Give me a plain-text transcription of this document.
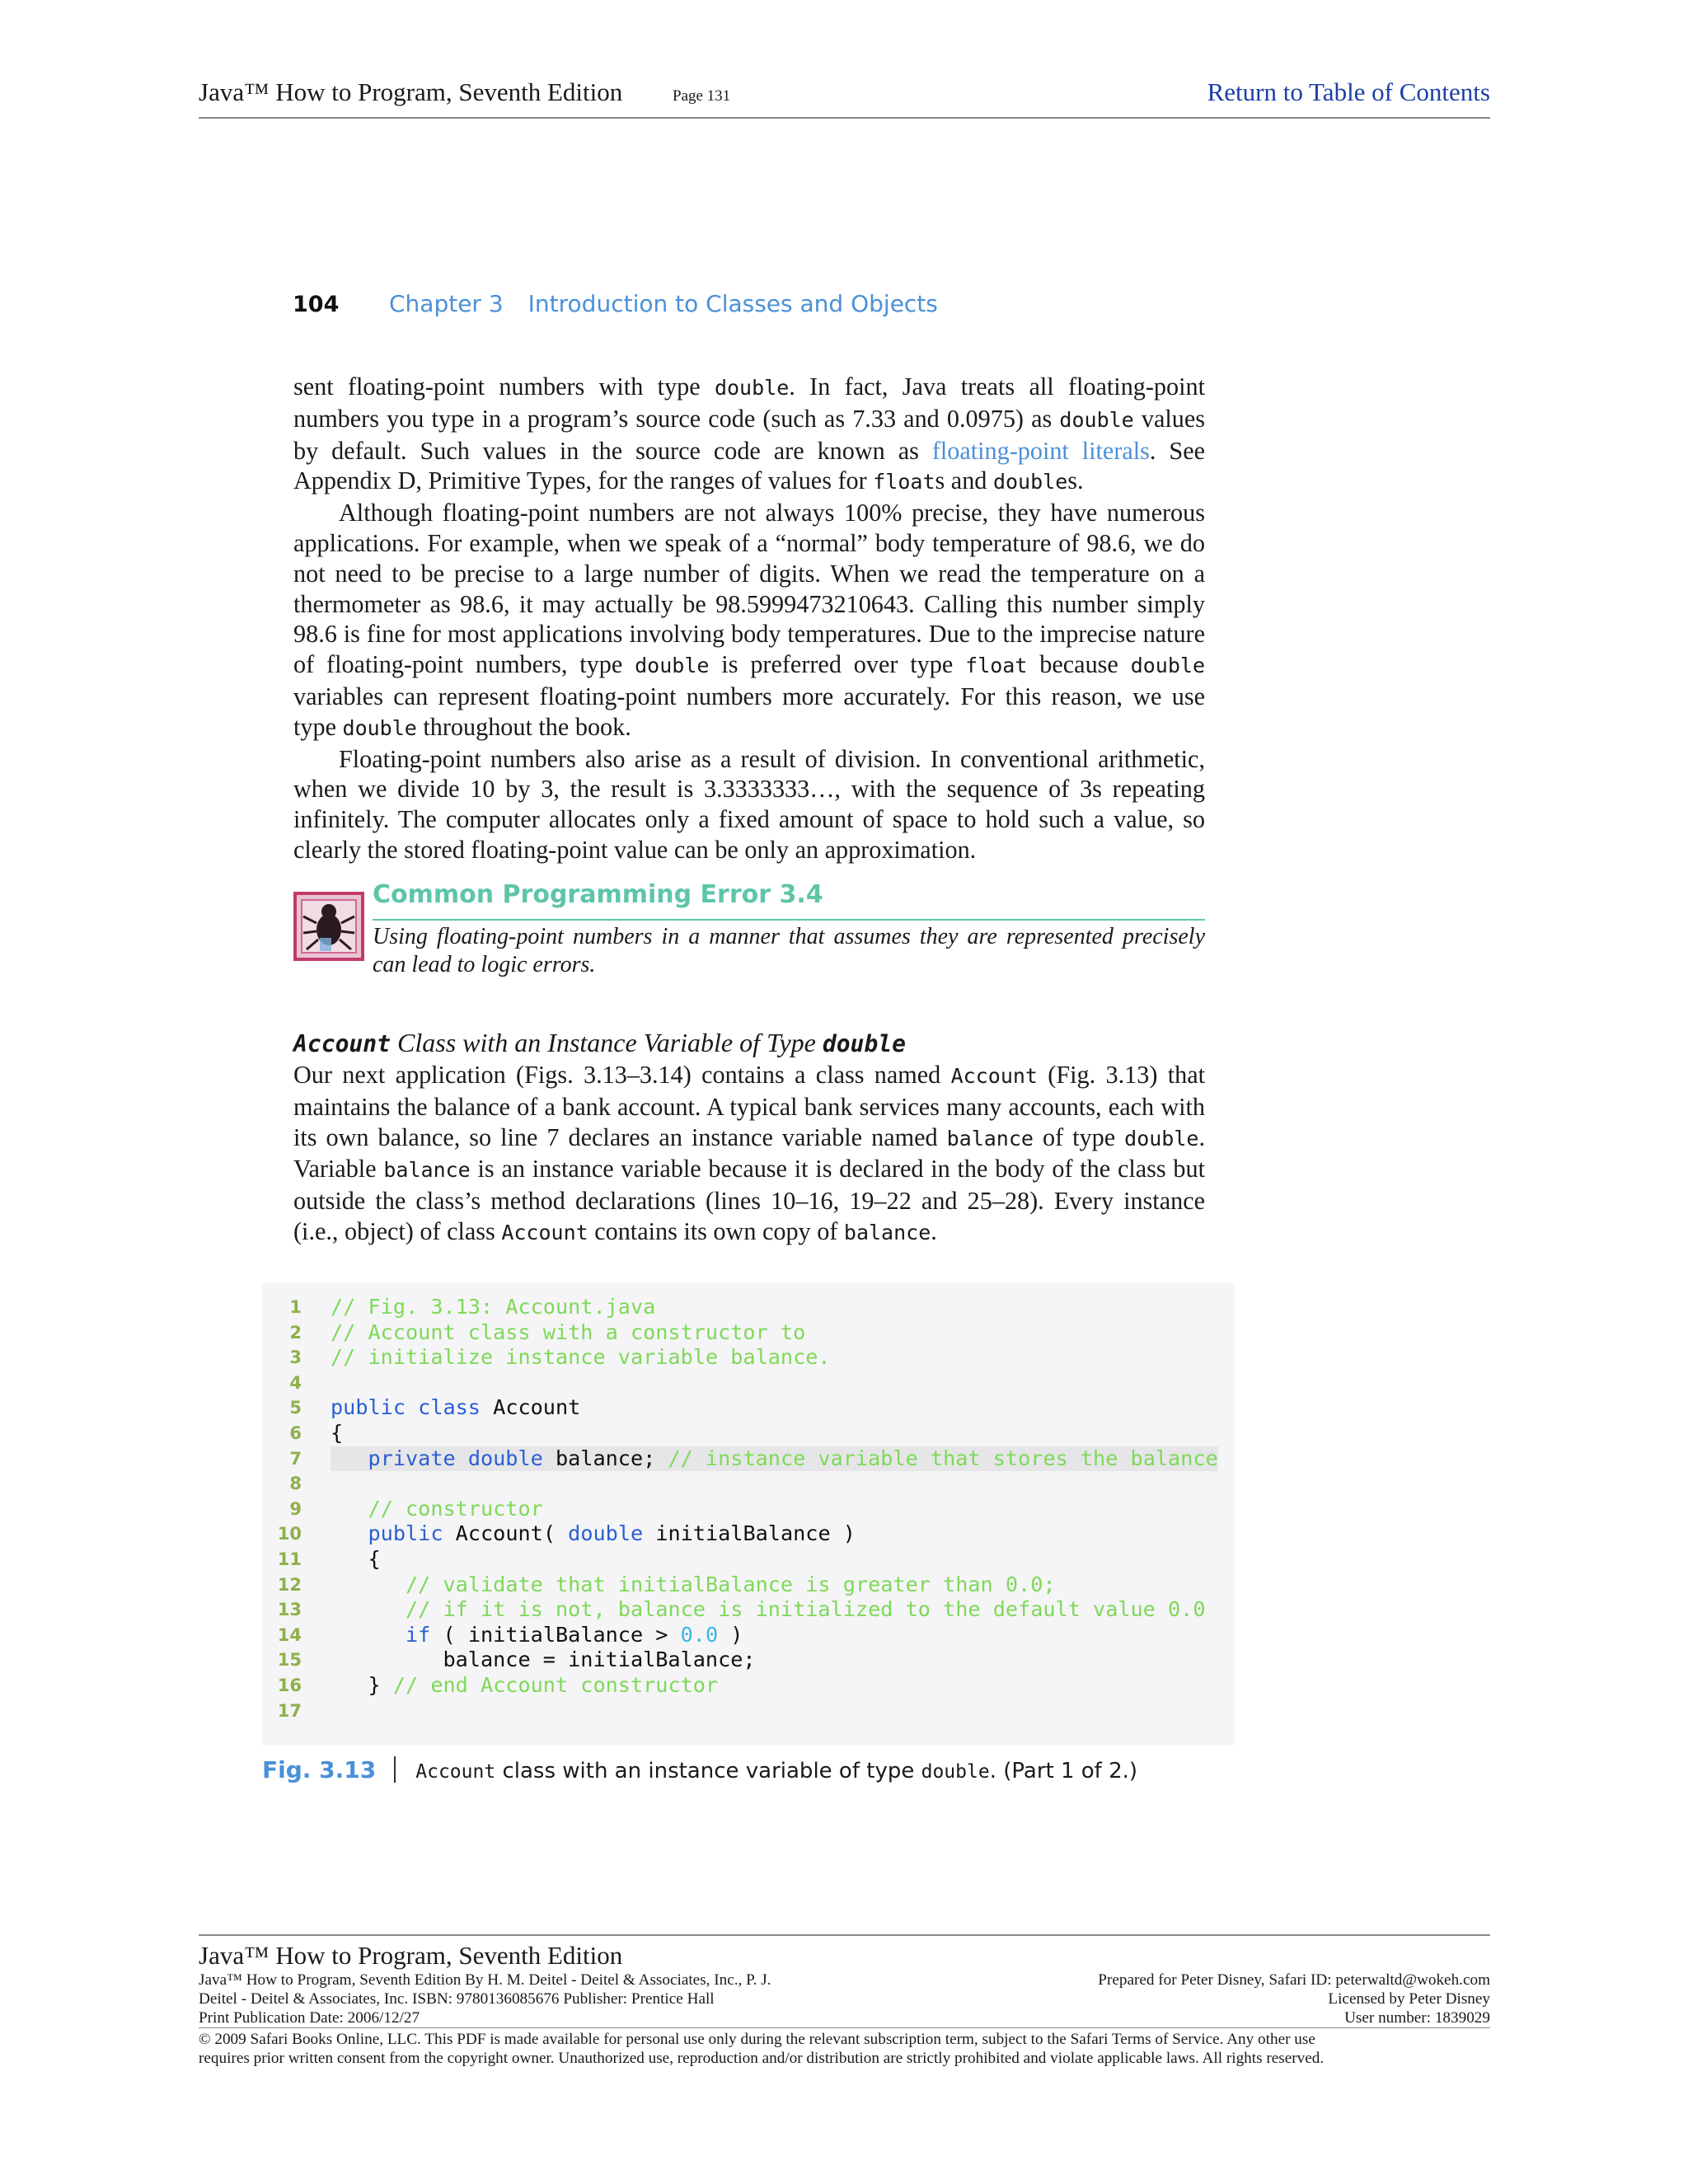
Java™ How to Program, Seventh Edition	Page 131	Return to Table of Contents
104 Chapter 3 Introduction to Classes and Objects

sent floating-point numbers with type double. In fact, Java treats all floating-point numbers you type in a program’s source code (such as 7.33 and 0.0975) as double values by default. Such values in the source code are known as floating-point literals. See Appendix D, Primitive Types, for the ranges of values for floats and doubles.

Although floating-point numbers are not always 100% precise, they have numerous applications. For example, when we speak of a “normal” body temperature of 98.6, we do not need to be precise to a large number of digits. When we read the temperature on a thermometer as 98.6, it may actually be 98.5999473210643. Calling this number simply 98.6 is fine for most applications involving body temperatures. Due to the imprecise nature of floating-point numbers, type double is preferred over type float because double variables can represent floating-point numbers more accurately. For this reason, we use type double throughout the book.

Floating-point numbers also arise as a result of division. In conventional arithmetic, when we divide 10 by 3, the result is 3.3333333…, with the sequence of 3s repeating infinitely. The computer allocates only a fixed amount of space to hold such a value, so clearly the stored floating-point value can be only an approximation.

Common Programming Error 3.4
Using floating-point numbers in a manner that assumes they are represented precisely can lead to logic errors.
Account Class with an Instance Variable of Type double

Our next application (Figs. 3.13–3.14) contains a class named Account (Fig. 3.13) that maintains the balance of a bank account. A typical bank services many accounts, each with its own balance, so line 7 declares an instance variable named balance of type double. Variable balance is an instance variable because it is declared in the body of the class but outside the class’s method declarations (lines 10–16, 19–22 and 25–28). Every instance (i.e., object) of class Account contains its own copy of balance.

1 // Fig. 3.13: Account.java
2 // Account class with a constructor to
3 // initialize instance variable balance.
4
5 public class Account
6 {
7	private double balance; // instance variable that stores the balance
8
9	// constructor
10	public Account( double initialBalance )
11 {
12	// validate that initialBalance is greater than 0.0;
13	// if it is not, balance is initialized to the default value 0.0
14	if ( initialBalance > 0.0 )
15 balance = initialBalance;
16 } // end Account constructor
17
Fig. 3.13 Account class with an instance variable of type double. (Part 1 of 2.)
Java™ How to Program, Seventh Edition
Java™ How to Program, Seventh Edition By H. M. Deitel - Deitel & Associates, Inc., P. J.
Deitel - Deitel & Associates, Inc. ISBN: 9780136085676 Publisher: Prentice Hall
Print Publication Date: 2006/12/27
Prepared for Peter Disney, Safari ID: peterwaltd@wokeh.com
Licensed by Peter Disney
User number: 1839029
© 2009 Safari Books Online, LLC. This PDF is made available for personal use only during the relevant subscription term, subject to the Safari Terms of Service. Any other use
requires prior written consent from the copyright owner. Unauthorized use, reproduction and/or distribution are strictly prohibited and violate applicable laws. All rights reserved.
